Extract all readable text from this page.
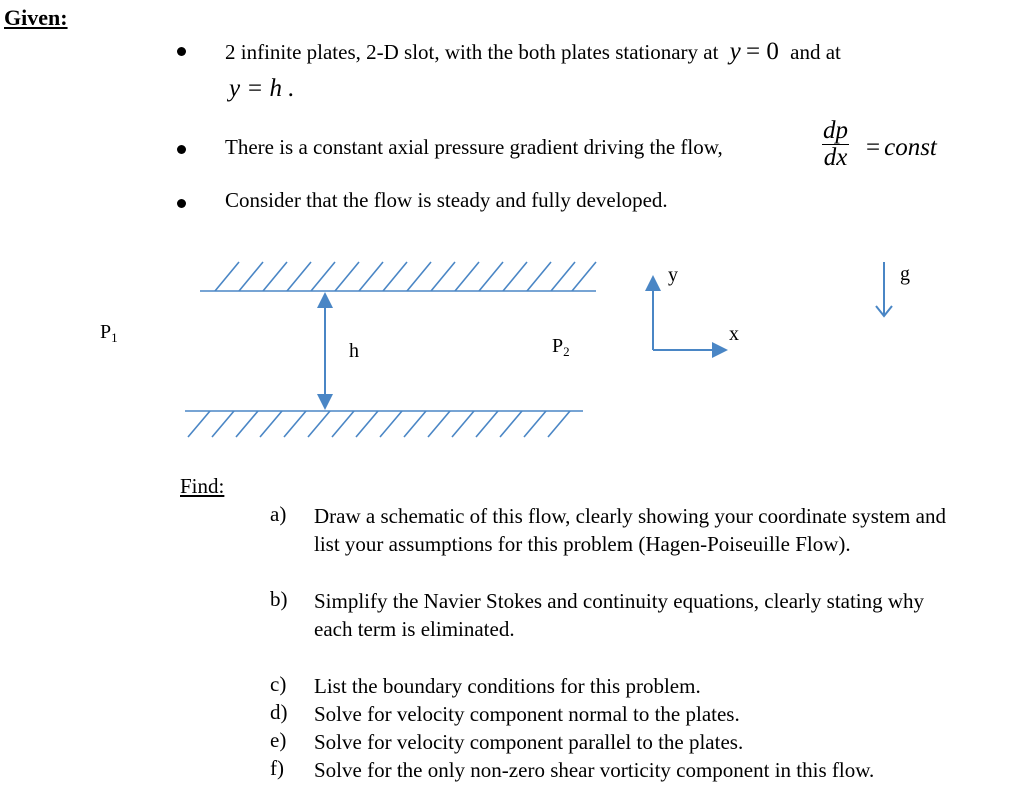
Given:
2 infinite plates, 2-D slot, with the both plates stationary at y = 0 and at
y = h .
There is a constant axial pressure gradient driving the flow,	$\frac{dp}{dx}$ = const
Consider that the flow is steady and fully developed.
$P_1$
h	$P_2$
y
x
g
Find:
a) Draw a schematic of this flow, clearly showing your coordinate system and list your assumptions for this problem (Hagen-Poiseuille Flow).
b) Simplify the Navier Stokes and continuity equations, clearly stating why each term is eliminated.
c) List the boundary conditions for this problem.
d) Solve for velocity component normal to the plates.
e) Solve for velocity component parallel to the plates.
f) Solve for the only non-zero shear vorticity component in this flow.
